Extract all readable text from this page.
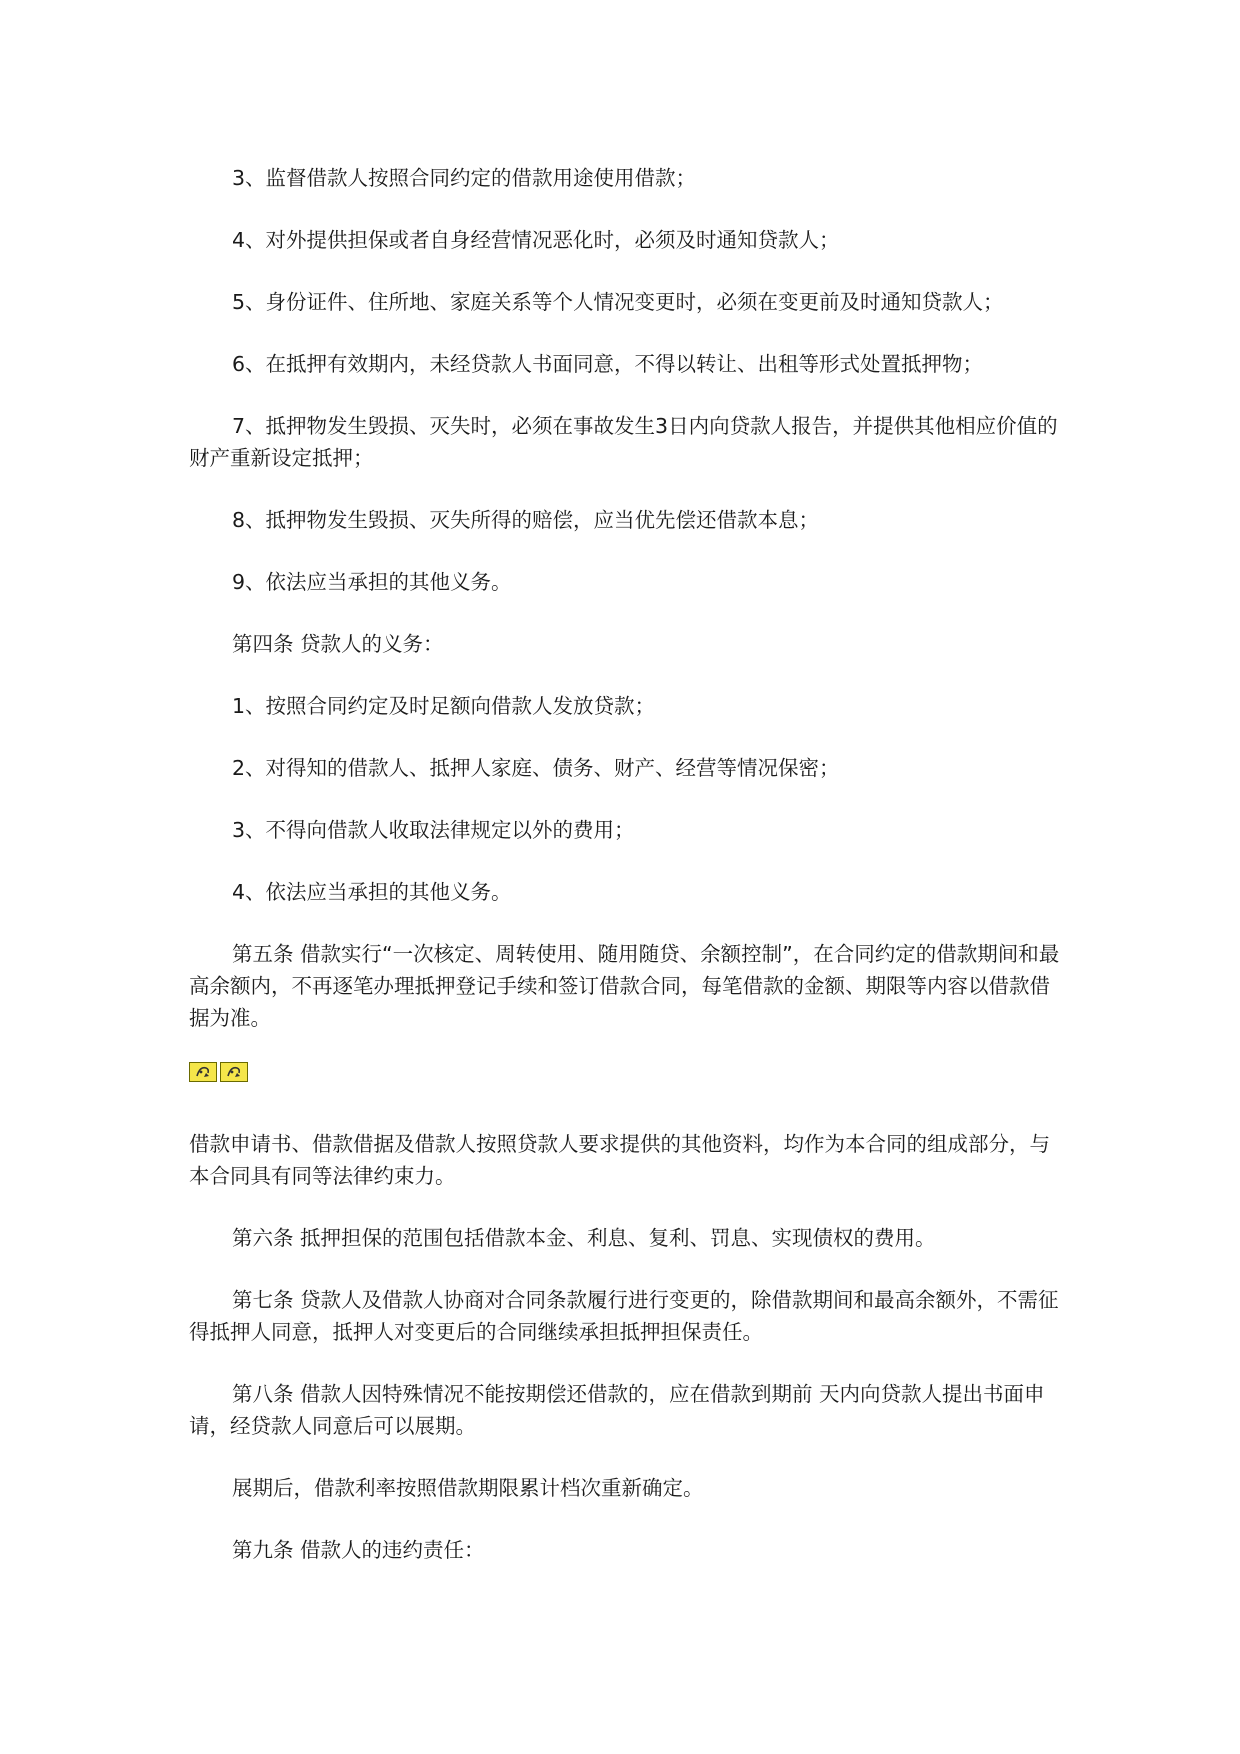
3、监督借款人按照合同约定的借款用途使用借款；

4、对外提供担保或者自身经营情况恶化时，必须及时通知贷款人；

5、身份证件、住所地、家庭关系等个人情况变更时，必须在变更前及时通知贷款人；

6、在抵押有效期内，未经贷款人书面同意，不得以转让、出租等形式处置抵押物；

7、抵押物发生毁损、灭失时，必须在事故发生3日内向贷款人报告，并提供其他相应价值的财产重新设定抵押；

8、抵押物发生毁损、灭失所得的赔偿，应当优先偿还借款本息；

9、依法应当承担的其他义务。

第四条 贷款人的义务：

1、按照合同约定及时足额向借款人发放贷款；

2、对得知的借款人、抵押人家庭、债务、财产、经营等情况保密；

3、不得向借款人收取法律规定以外的费用；

4、依法应当承担的其他义务。

第五条 借款实行“一次核定、周转使用、随用随贷、余额控制”，在合同约定的借款期间和最高余额内，不再逐笔办理抵押登记手续和签订借款合同，每笔借款的金额、期限等内容以借款借据为准。

借款申请书、借款借据及借款人按照贷款人要求提供的其他资料，均作为本合同的组成部分，与本合同具有同等法律约束力。

第六条 抵押担保的范围包括借款本金、利息、复利、罚息、实现债权的费用。

第七条 贷款人及借款人协商对合同条款履行进行变更的，除借款期间和最高余额外，不需征得抵押人同意，抵押人对变更后的合同继续承担抵押担保责任。

第八条 借款人因特殊情况不能按期偿还借款的，应在借款到期前 天内向贷款人提出书面申请，经贷款人同意后可以展期。

展期后，借款利率按照借款期限累计档次重新确定。

第九条 借款人的违约责任：
